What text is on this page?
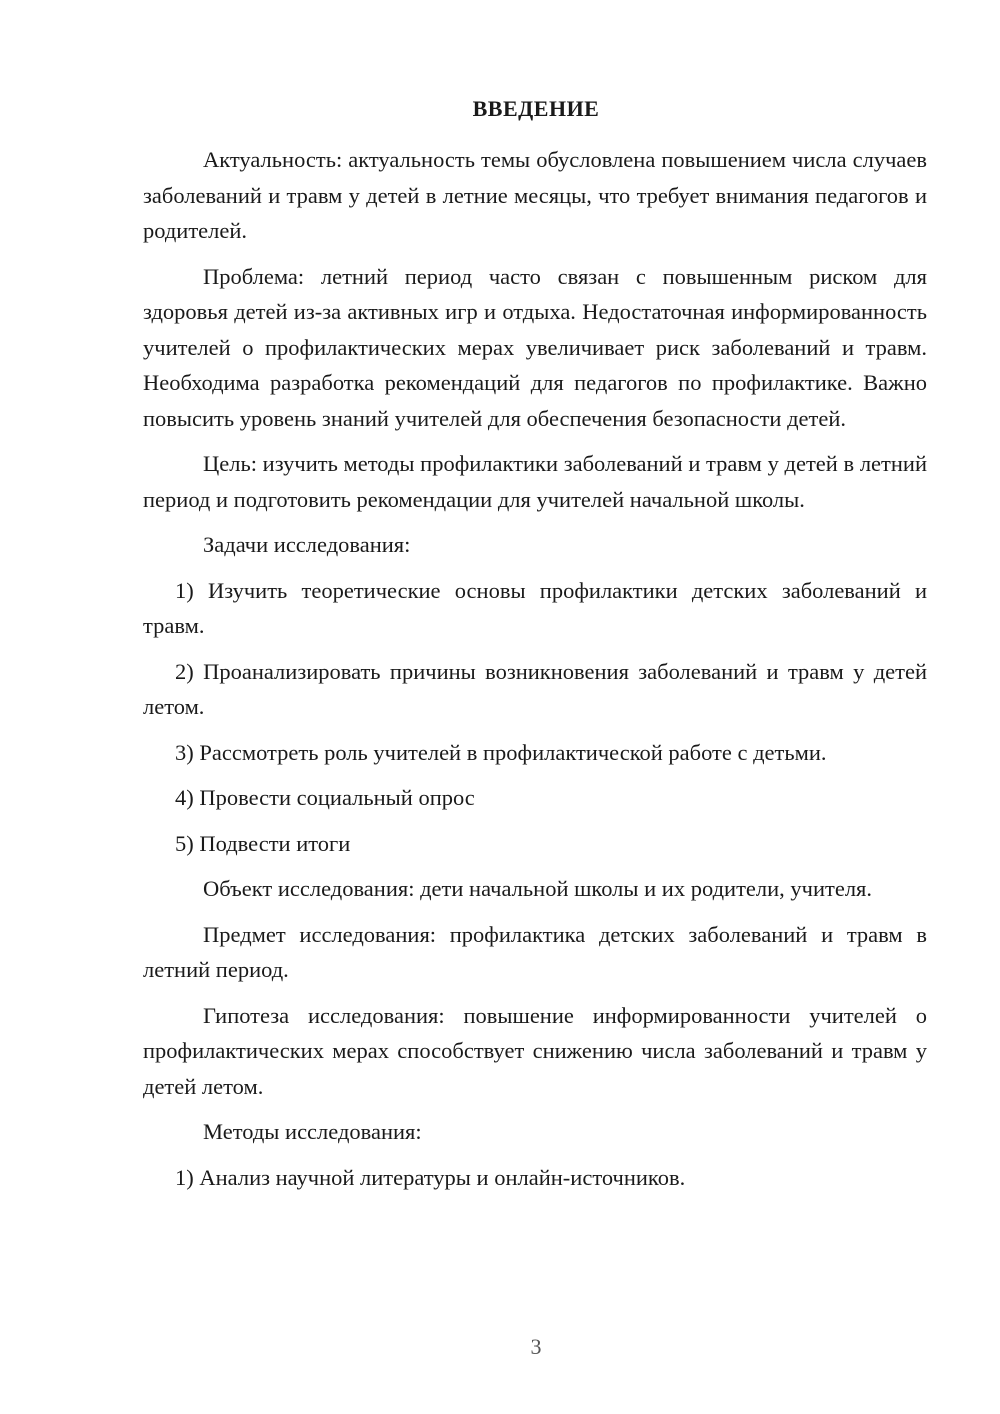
ВВЕДЕНИЕ

Актуальность: актуальность темы обусловлена повышением числа случаев заболеваний и травм у детей в летние месяцы, что требует внимания педагогов и родителей.

Проблема: летний период часто связан с повышенным риском для здоровья детей из-за активных игр и отдыха. Недостаточная информированность учителей о профилактических мерах увеличивает риск заболеваний и травм. Необходима разработка рекомендаций для педагогов по профилактике. Важно повысить уровень знаний учителей для обеспечения безопасности детей.

Цель: изучить методы профилактики заболеваний и травм у детей в летний период и подготовить рекомендации для учителей начальной школы.

Задачи исследования:

1) Изучить теоретические основы профилактики детских заболеваний и травм.

2) Проанализировать причины возникновения заболеваний и травм у детей летом.

3) Рассмотреть роль учителей в профилактической работе с детьми.

4) Провести социальный опрос

5) Подвести итоги

Объект исследования: дети начальной школы и их родители, учителя.

Предмет исследования: профилактика детских заболеваний и травм в летний период.

Гипотеза исследования: повышение информированности учителей о профилактических мерах способствует снижению числа заболеваний и травм у детей летом.

Методы исследования:

1) Анализ научной литературы и онлайн-источников.

3
